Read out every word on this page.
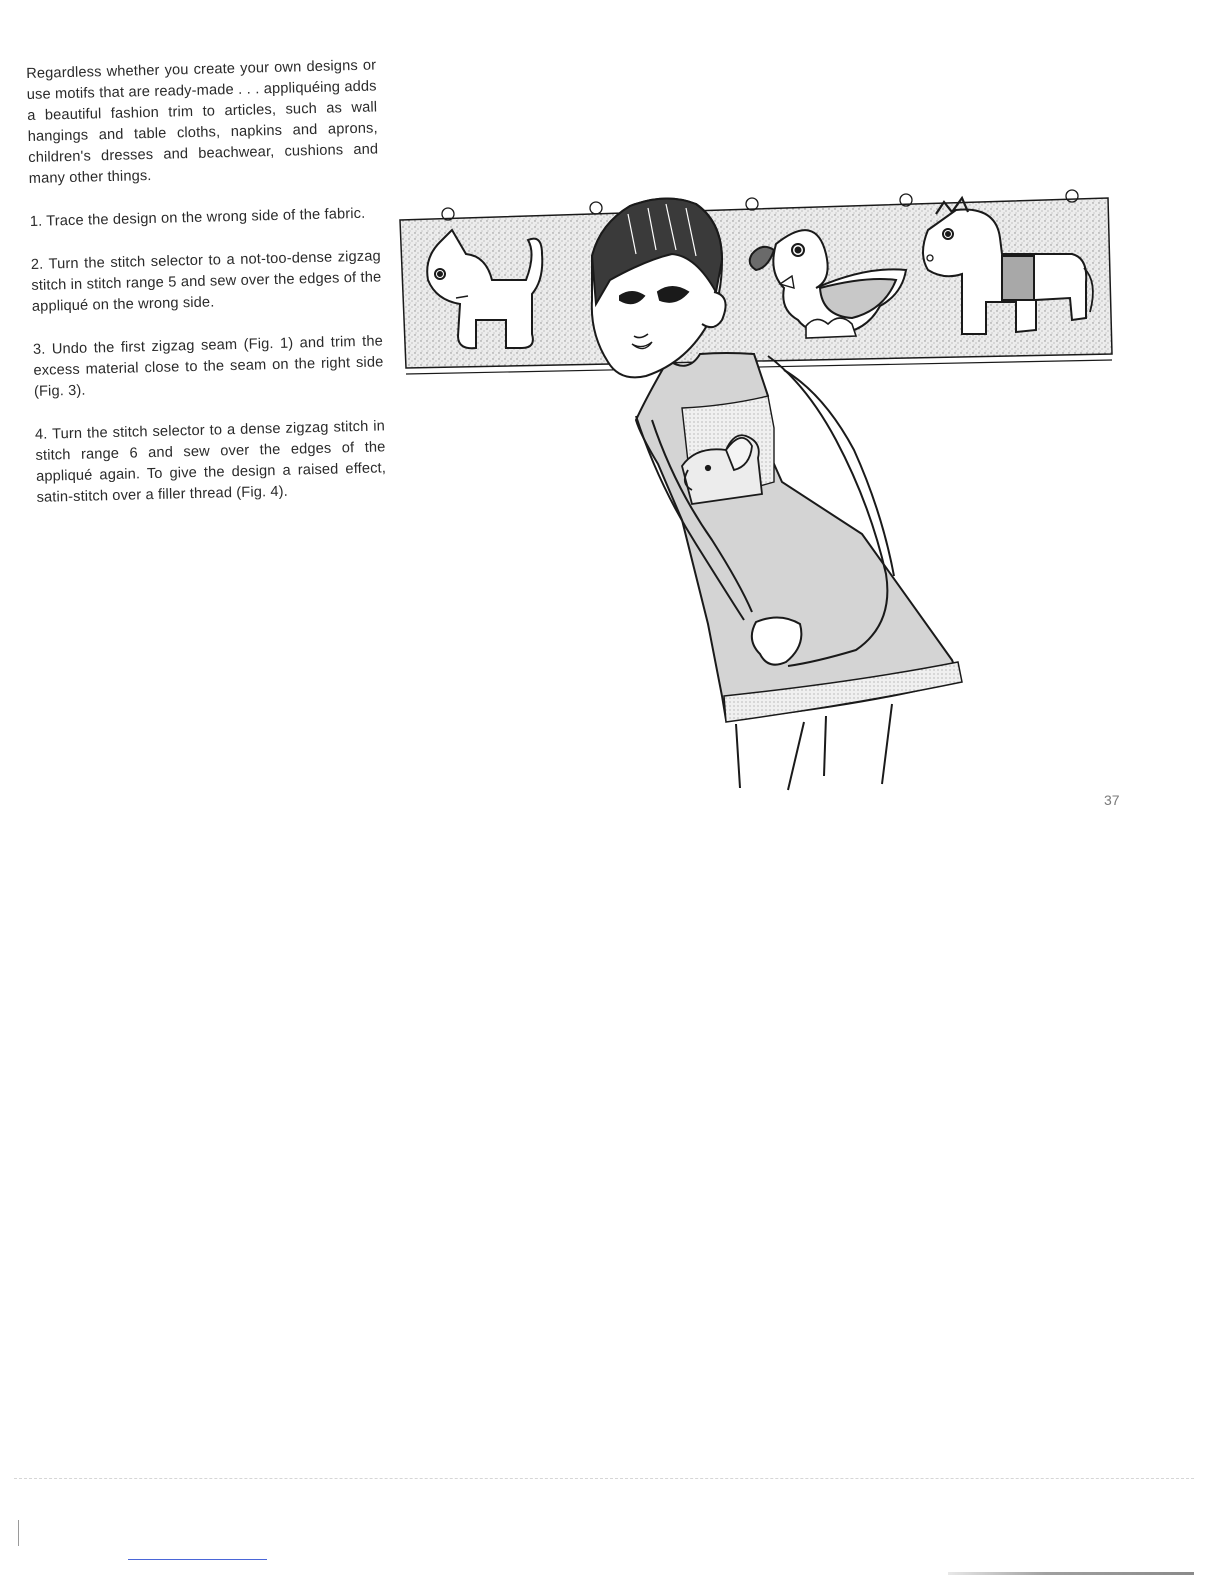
Regardless whether you create your own designs or use motifs that are ready-made . . . appliquéing adds a beautiful fashion trim to articles, such as wall hangings and table cloths, napkins and aprons, children's dresses and beachwear, cushions and many other things.

1. Trace the design on the wrong side of the fabric.

2. Turn the stitch selector to a not-too-dense zigzag stitch in stitch range 5 and sew over the edges of the appliqué on the wrong side.

3. Undo the first zigzag seam (Fig. 1) and trim the excess material close to the seam on the right side (Fig. 3).

4. Turn the stitch selector to a dense zigzag stitch in stitch range 6 and sew over the edges of the appliqué again. To give the design a raised effect, satin-stitch over a filler thread (Fig. 4).

37
